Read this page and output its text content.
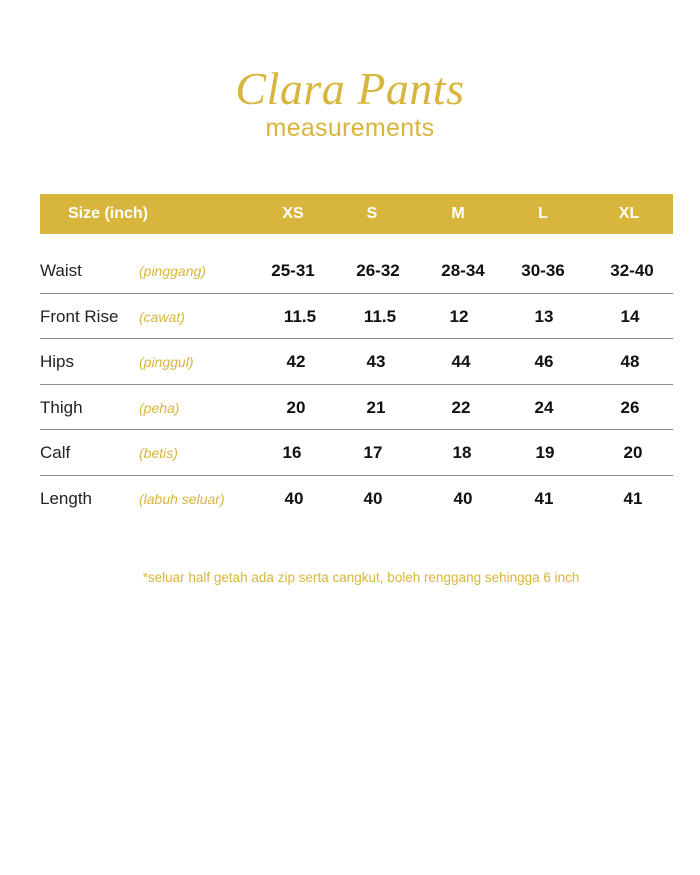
Clara Pants
measurements
Size (inch)	XS	S	M	L	XL
Waist	(pinggang)	25-31	26-32	28-34	30-36	32-40
Front Rise (cawat)	11.5	11.5	12	13	14
Hips	(pinggul)	42	43	44	46	48
Thigh	(peha)	20	21	22	24	26
Calf	(betis)	16	17	18	19	20
Length	(labuh seluar)	40	40	40	41	41
*seluar half getah ada zip serta cangkut, boleh renggang sehingga 6 inch
